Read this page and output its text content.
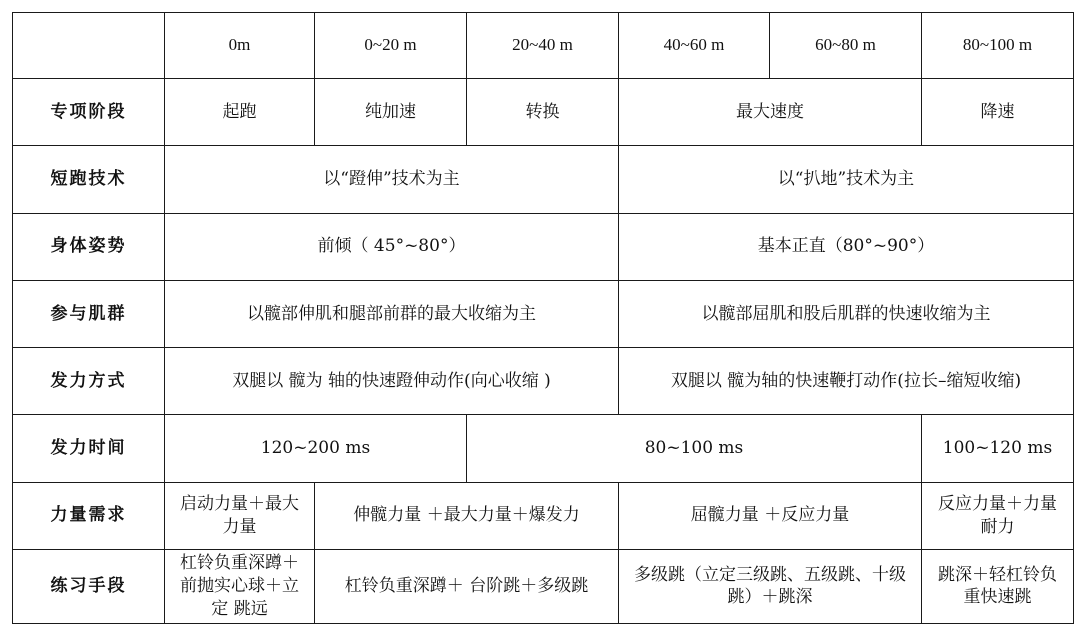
	0m	0~20 m	20~40 m	40~60 m	60~80 m	80~100 m
专项阶段	起跑	纯加速	转换	最大速度		降速
短跑技术	以“蹬伸”技术为主			以“扒地”技术为主		
身体姿势	前倾（ 45°~80°）			基本正直（80°~90°）		
参与肌群	以髋部伸肌和腿部前群的最大收缩为主			以髋部屈肌和股后肌群的快速收缩为主		
发力方式	双腿以 髋为 轴的快速蹬伸动作(向心收缩 )			双腿以 髋为轴的快速鞭打动作(拉长–缩短收缩)		
发力时间	120~200 ms		80~100 ms			100~120 ms
力量需求	启动力量＋最大力量	伸髋力量 ＋最大力量＋爆发力		屈髋力量 ＋反应力量		反应力量＋力量耐力
练习手段	杠铃负重深蹲＋前抛实心球＋立定 跳远	杠铃负重深蹲＋ 台阶跳＋多级跳		多级跳（立定三级跳、五级跳、十级跳）＋跳深		跳深＋轻杠铃负重快速跳
